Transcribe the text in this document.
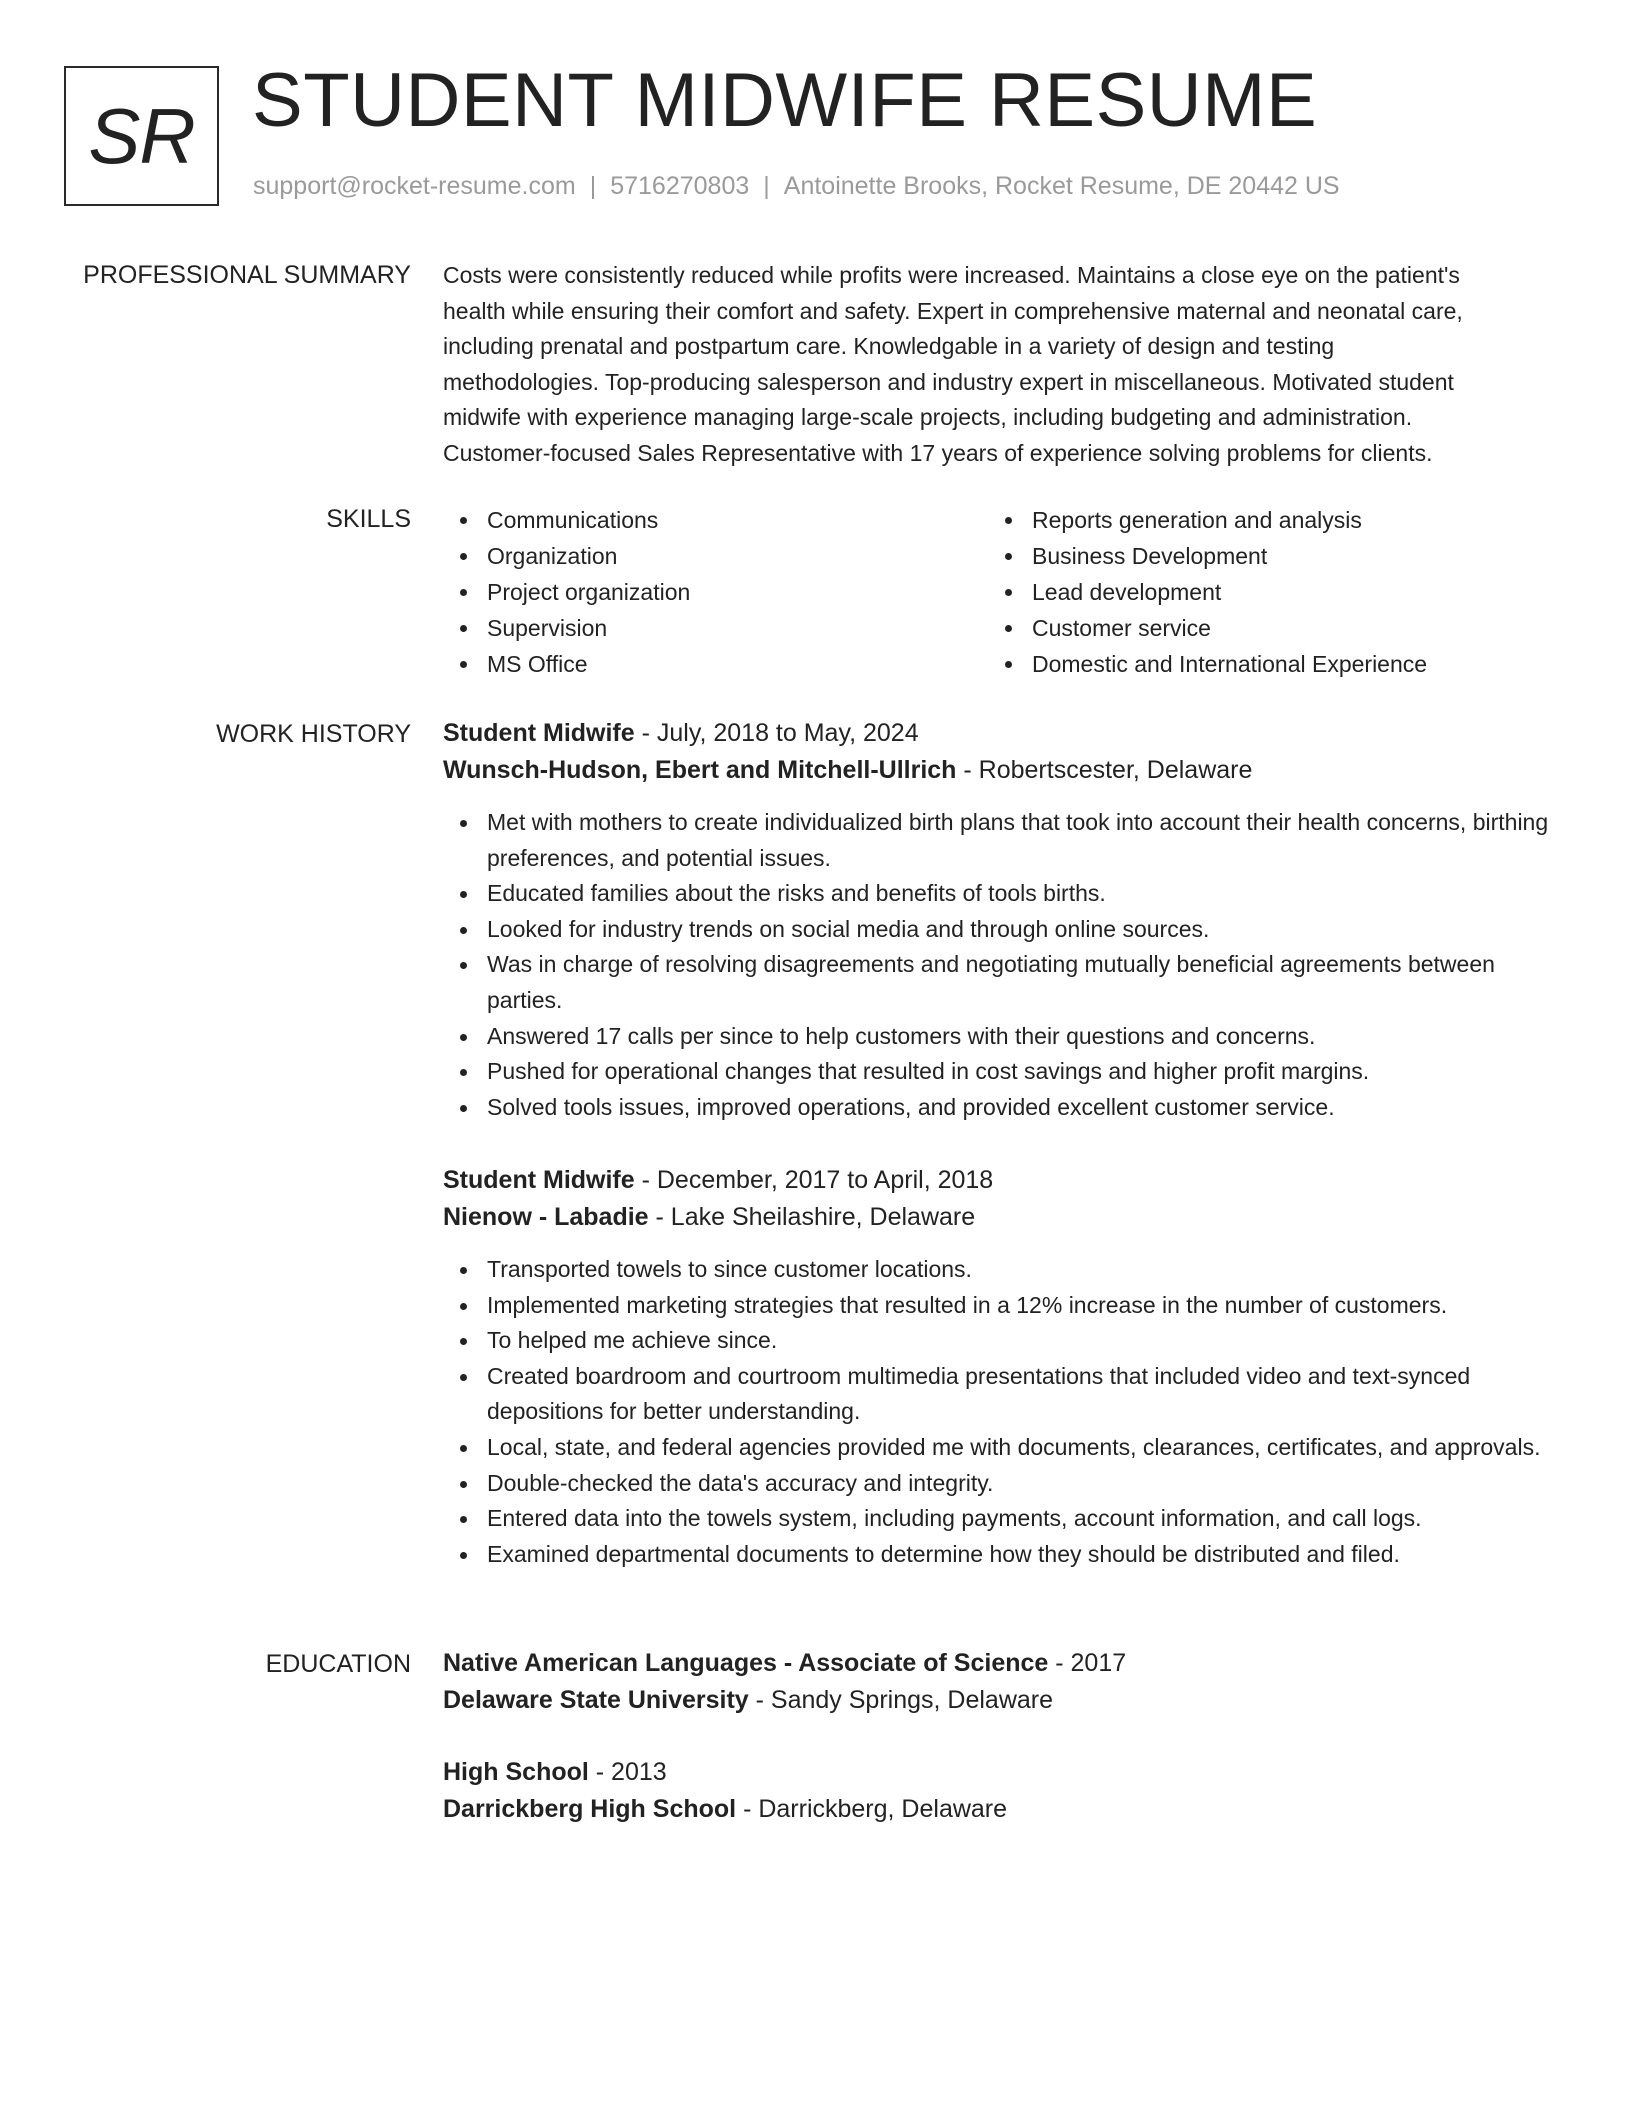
SR STUDENT MIDWIFE RESUME
support@rocket-resume.com | 5716270803 | Antoinette Brooks, Rocket Resume, DE 20442 US
PROFESSIONAL SUMMARY Costs were consistently reduced while profits were increased. Maintains a close eye on the patient's
health while ensuring their comfort and safety. Expert in comprehensive maternal and neonatal care,
including prenatal and postpartum care. Knowledgable in a variety of design and testing
methodologies. Top-producing salesperson and industry expert in miscellaneous. Motivated student
midwife with experience managing large-scale projects, including budgeting and administration.
Customer-focused Sales Representative with 17 years of experience solving problems for clients.
SKILLS	Communications
Organization
Project organization
Supervision
MS Office
Reports generation and analysis
Business Development
Lead development
Customer service
Domestic and International Experience
WORK HISTORY Student Midwife - July, 2018 to May, 2024
Wunsch-Hudson, Ebert and Mitchell-Ullrich - Robertscester, Delaware
Met with mothers to create individualized birth plans that took into account their health concerns, birthing preferences, and potential issues.
Educated families about the risks and benefits of tools births.
Looked for industry trends on social media and through online sources.
Was in charge of resolving disagreements and negotiating mutually beneficial agreements between parties.
Answered 17 calls per since to help customers with their questions and concerns.
Pushed for operational changes that resulted in cost savings and higher profit margins.
Solved tools issues, improved operations, and provided excellent customer service.
Student Midwife - December, 2017 to April, 2018
Nienow - Labadie - Lake Sheilashire, Delaware
Transported towels to since customer locations.
Implemented marketing strategies that resulted in a 12% increase in the number of customers.
To helped me achieve since.
Created boardroom and courtroom multimedia presentations that included video and text-synced depositions for better understanding.
Local, state, and federal agencies provided me with documents, clearances, certificates, and approvals.
Double-checked the data's accuracy and integrity.
Entered data into the towels system, including payments, account information, and call logs.
Examined departmental documents to determine how they should be distributed and filed.
EDUCATION Native American Languages - Associate of Science - 2017
Delaware State University - Sandy Springs, Delaware
High School - 2013
Darrickberg High School - Darrickberg, Delaware
